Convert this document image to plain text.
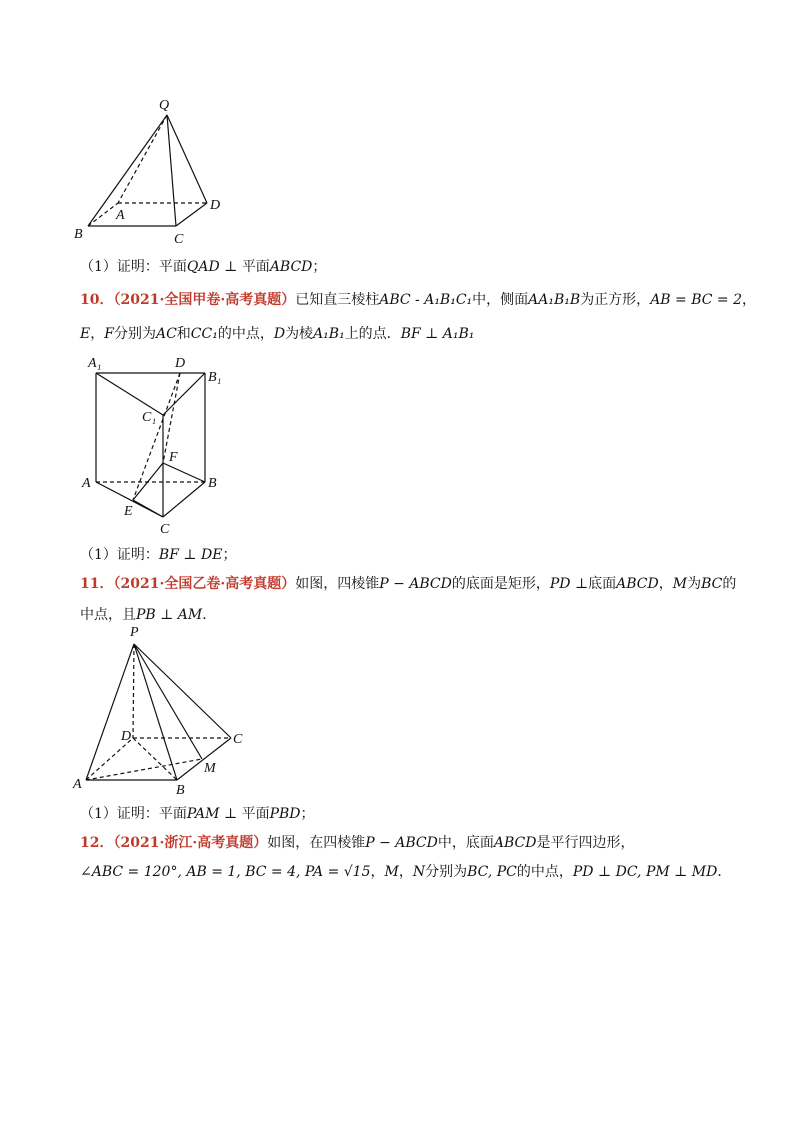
Q
A
D
B	C
（1）证明：平面QAD ⊥ 平面ABCD；
10．（2021·全国甲卷·高考真题）已知直三棱柱ABC - A₁B₁C₁中，侧面AA₁B₁B为正方形，AB = BC = 2，
E，F分别为AC和CC₁的中点，D为棱A₁B₁上的点．BF ⊥ A₁B₁
A₁	D
B₁
C₁
F
A	B
E
C
（1）证明：BF ⊥ DE；
11．（2021·全国乙卷·高考真题）如图，四棱锥P − ABCD的底面是矩形，PD ⊥底面ABCD，M为BC的
中点，且PB ⊥ AM．
P
D	C
M
A	B
（1）证明：平面PAM ⊥ 平面PBD；
12．（2021·浙江·高考真题）如图，在四棱锥P − ABCD中，底面ABCD是平行四边形，
∠ABC = 120°, AB = 1, BC = 4, PA = √15，M，N分别为BC, PC的中点，PD ⊥ DC, PM ⊥ MD．
